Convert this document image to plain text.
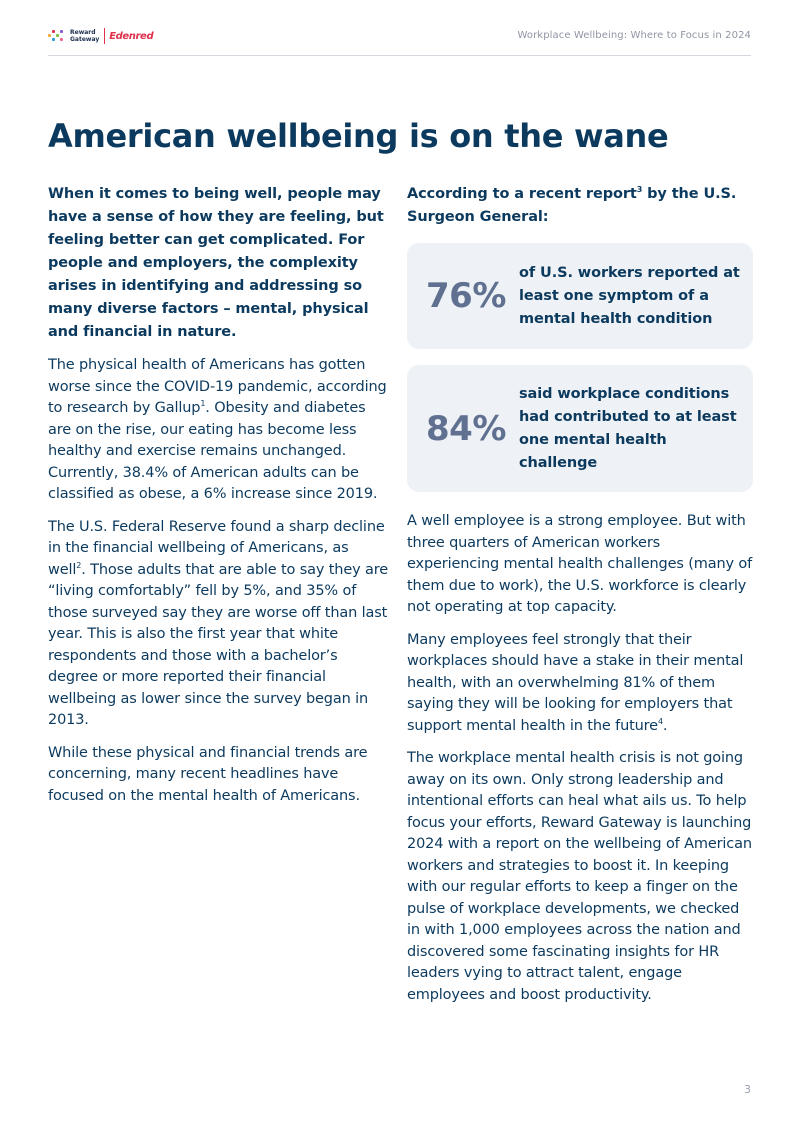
Reward
Gateway Edenred	Workplace Wellbeing: Where to Focus in 2024
American wellbeing is on the wane

When it comes to being well, people may have a sense of how they are feeling, but feeling better can get complicated. For people and employers, the complexity arises in identifying and addressing so many diverse factors – mental, physical and financial in nature.

The physical health of Americans has gotten worse since the COVID-19 pandemic, according to research by Gallup$^1$. Obesity and diabetes are on the rise, our eating has become less healthy and exercise remains unchanged. Currently, 38.4% of American adults can be classified as obese, a 6% increase since 2019.

The U.S. Federal Reserve found a sharp decline in the financial wellbeing of Americans, as well$^2$. Those adults that are able to say they are “living comfortably” fell by 5%, and 35% of those surveyed say they are worse off than last year. This is also the first year that white respondents and those with a bachelor’s degree or more reported their financial wellbeing as lower since the survey began in 2013.

While these physical and financial trends are concerning, many recent headlines have focused on the mental health of Americans.

According to a recent report$^3$ by the U.S. Surgeon General:

76%
of U.S. workers reported at least one symptom of a mental health condition
84%
said workplace conditions had contributed to at least one mental health challenge

A well employee is a strong employee. But with three quarters of American workers experiencing mental health challenges (many of them due to work), the U.S. workforce is clearly not operating at top capacity.

Many employees feel strongly that their workplaces should have a stake in their mental health, with an overwhelming 81% of them saying they will be looking for employers that support mental health in the future$^4$.

The workplace mental health crisis is not going away on its own. Only strong leadership and intentional efforts can heal what ails us. To help focus your efforts, Reward Gateway is launching 2024 with a report on the wellbeing of American workers and strategies to boost it. In keeping with our regular efforts to keep a finger on the pulse of workplace developments, we checked in with 1,000 employees across the nation and discovered some fascinating insights for HR leaders vying to attract talent, engage employees and boost productivity.

3
